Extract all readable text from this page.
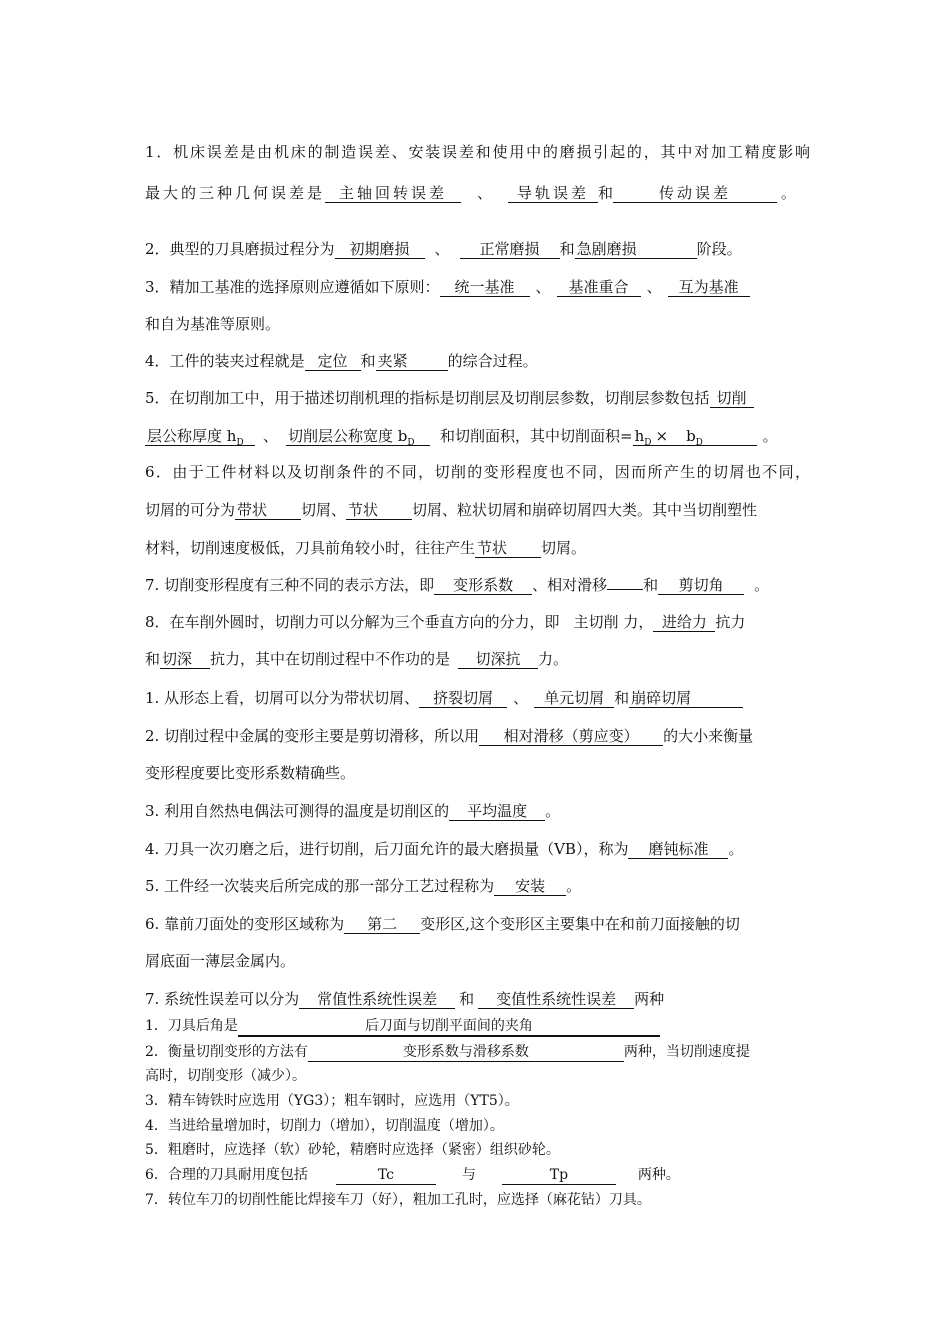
1．机床误差是由机床的制造误差、安装误差和使用中的磨损引起的，其中对加工精度影响
最大的三种几何误差是 主轴回转误差 、 导轨误差 和	传动误差	。
2．典型的刀具磨损过程分为 初期磨损 、 正常磨损 和 急剧磨损	阶段。
3．精加工基准的选择原则应遵循如下原则： 统一基准 、 基准重合 、 互为基准
和自为基准等原则。
4．工件的装夹过程就是 定位 和 夹紧	的综合过程。
5．在切削加工中，用于描述切削机理的指标是切削层及切削层参数，切削层参数包括 切削
层公称厚度 $h_D$ 、 切削层公称宽度 $b_D$ 和切削面积，其中切削面积= $h_D \times b_D$	。
6．由于工件材料以及切削条件的不同，切削的变形程度也不同，因而所产生的切屑也不同，
切屑的可分为 带状 切屑、 节状 切屑、粒状切屑和崩碎切屑四大类。其中当切削塑性
材料，切削速度极低，刀具前角较小时，往往产生 节状 切屑。
7. 切削变形程度有三种不同的表示方法，即 变形系数 、相对滑移 和 剪切角 。
8．在车削外圆时，切削力可以分解为三个垂直方向的分力，即 主切削 力， 进给力 抗力
和 切深 抗力，其中在切削过程中不作功的是 切深抗 力。
1. 从形态上看，切屑可以分为带状切屑、 挤裂切屑 、 单元切屑 和 崩碎切屑
2. 切削过程中金属的变形主要是剪切滑移，所以用 相对滑移（剪应变） 的大小来衡量
变形程度要比变形系数精确些。
3. 利用自然热电偶法可测得的温度是切削区的 平均温度 。
4. 刀具一次刃磨之后，进行切削，后刀面允许的最大磨损量（VB），称为 磨钝标准 。
5. 工件经一次装夹后所完成的那一部分工艺过程称为 安装 。
6. 靠前刀面处的变形区域称为 第二 变形区,这个变形区主要集中在和前刀面接触的切
屑底面一薄层金属内。
7. 系统性误差可以分为 常值性系统性误差 和 变值性系统性误差 两种
1．刀具后角是	后刀面与切削平面间的夹角
2．衡量切削变形的方法有	变形系数与滑移系数	两种，当切削速度提
高时，切削变形（减少）。
3．精车铸铁时应选用（YG3）；粗车钢时，应选用（YT5）。
4．当进给量增加时，切削力（增加），切削温度（增加）。
5．粗磨时，应选择（软）砂轮，精磨时应选择（紧密）组织砂轮。
6．合理的刀具耐用度包括	Tc	与	Tp	两种。
7．转位车刀的切削性能比焊接车刀（好），粗加工孔时，应选择（麻花钻）刀具。
